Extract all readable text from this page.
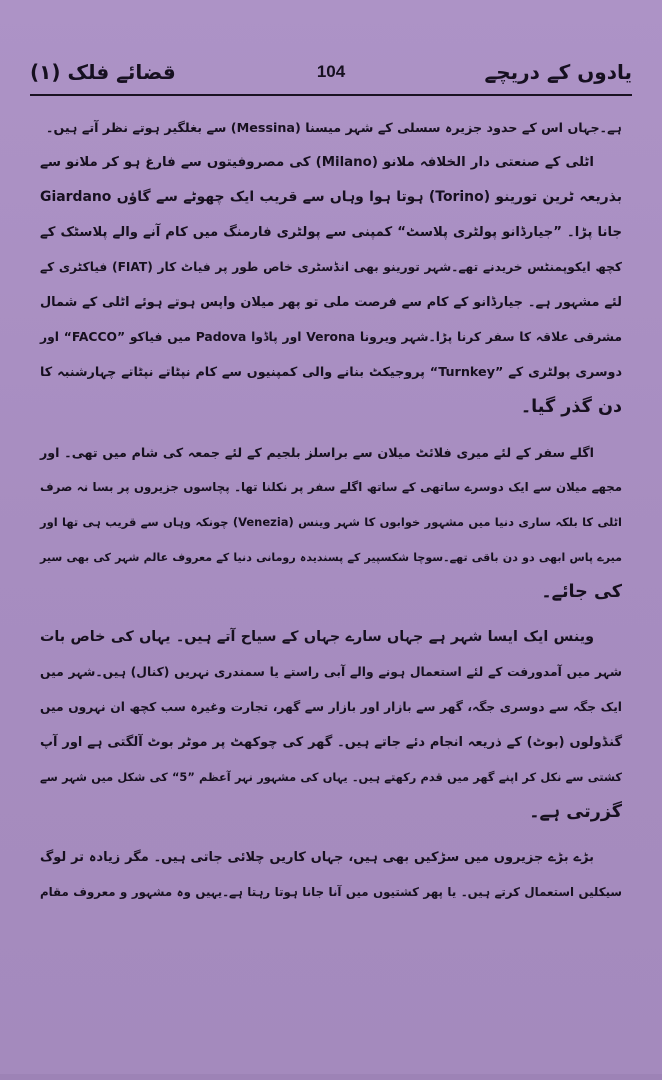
قضائے فلک (۱)	104	یادوں کے دریچے
ہے۔جہاں اس کے حدود جزیرہ سسلی کے شہر میسنا (Messina) سے بغلگیر ہوتے نظر آتے ہیں۔
اٹلی کے صنعتی دار الخلافہ ملانو (Milano) کی مصروفیتوں سے فارغ ہو کر ملانو سے
بذریعہ ٹرین تورینو (Torino) ہوتا ہوا وہاں سے قریب ایک چھوٹے سے گاؤں Giardano
جانا پڑا۔ ”جیارڈانو پولٹری پلاسٹ“ کمپنی سے پولٹری فارمنگ میں کام آنے والے پلاسٹک کے
کچھ ایکوپمنٹس خریدنے تھے۔شہر تورینو بھی انڈسٹری خاص طور پر فیاٹ کار (FIAT) فیاکٹری کے
لئے مشہور ہے۔ جیارڈانو کے کام سے فرصت ملی تو پھر میلان واپس ہوتے ہوئے اٹلی کے شمال
مشرقی علاقہ کا سفر کرنا پڑا۔شہر ویرونا Verona اور پاڈوا Padova میں فیاکو ”FACCO“ اور
دوسری پولٹری کے ”Turnkey“ پروجیکٹ بنانے والی کمپنیوں سے کام نپٹاتے نپٹاتے چہارشنبہ کا
دن گذر گیا۔
اگلے سفر کے لئے میری فلائٹ میلان سے براسلز بلجیم کے لئے جمعہ کی شام میں تھی۔ اور
مجھے میلان سے ایک دوسرے ساتھی کے ساتھ اگلے سفر پر نکلنا تھا۔ پچاسوں جزیروں پر بسا نہ صرف
اٹلی کا بلکہ ساری دنیا میں مشہور خوابوں کا شہر وینس (Venezia) چونکہ وہاں سے قریب ہی تھا اور
میرے پاس ابھی دو دن باقی تھے۔سوچا شکسپیر کے پسندیدہ رومانی دنیا کے معروف عالم شہر کی بھی سیر
کی جائے۔
وینس ایک ایسا شہر ہے جہاں سارے جہاں کے سیاح آتے ہیں۔ یہاں کی خاص بات
شہر میں آمدورفت کے لئے استعمال ہونے والے آبی راستے یا سمندری نہریں (کنال) ہیں۔شہر میں
ایک جگہ سے دوسری جگہ، گھر سے بازار اور بازار سے گھر، تجارت وغیرہ سب کچھ ان نہروں میں
گنڈولوں (بوٹ) کے ذریعہ انجام دئے جاتے ہیں۔ گھر کی چوکھٹ پر موٹر بوٹ آلگتی ہے اور آپ
کشتی سے نکل کر اپنے گھر میں قدم رکھتے ہیں۔ یہاں کی مشہور نہر آعظم ”5“ کی شکل میں شہر سے
گزرتی ہے۔
بڑے بڑے جزیروں میں سڑکیں بھی ہیں، جہاں کاریں چلائی جاتی ہیں۔ مگر زیادہ تر لوگ
سیکلیں استعمال کرتے ہیں۔ یا پھر کشتیوں میں آنا جانا ہوتا رہتا ہے۔یہیں وہ مشہور و معروف مقام
